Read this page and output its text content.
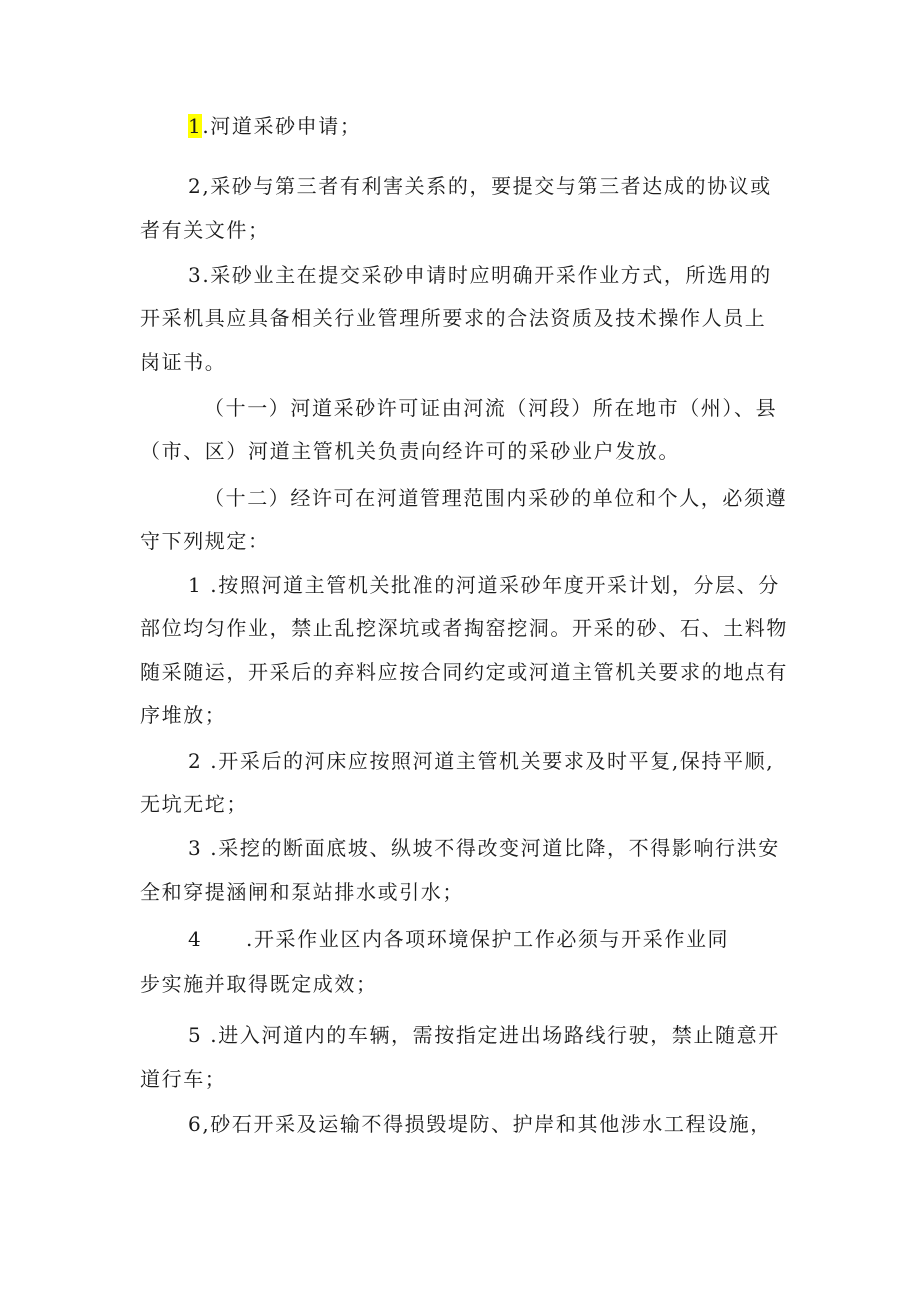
1.河道采砂申请；
2,采砂与第三者有利害关系的，要提交与第三者达成的协议或
者有关文件；
3.采砂业主在提交采砂申请时应明确开采作业方式，所选用的
开采机具应具备相关行业管理所要求的合法资质及技术操作人员上
岗证书。
（十一）河道采砂许可证由河流（河段）所在地市（州）、县
（市、区）河道主管机关负责向经许可的采砂业户发放。
（十二）经许可在河道管理范围内采砂的单位和个人，必须遵
守下列规定：
1 .按照河道主管机关批准的河道采砂年度开采计划，分层、分
部位均匀作业，禁止乱挖深坑或者掏窑挖洞。开采的砂、石、土料物
随采随运，开采后的弃料应按合同约定或河道主管机关要求的地点有
序堆放；
2 .开采后的河床应按照河道主管机关要求及时平复,保持平顺,
无坑无坨；
3 .采挖的断面底坡、纵坡不得改变河道比降，不得影响行洪安
全和穿提涵闸和泵站排水或引水；
4 .开采作业区内各项环境保护工作必须与开采作业同
步实施并取得既定成效；
5 .进入河道内的车辆，需按指定进出场路线行驶，禁止随意开
道行车；
6,砂石开采及运输不得损毁堤防、护岸和其他涉水工程设施，
